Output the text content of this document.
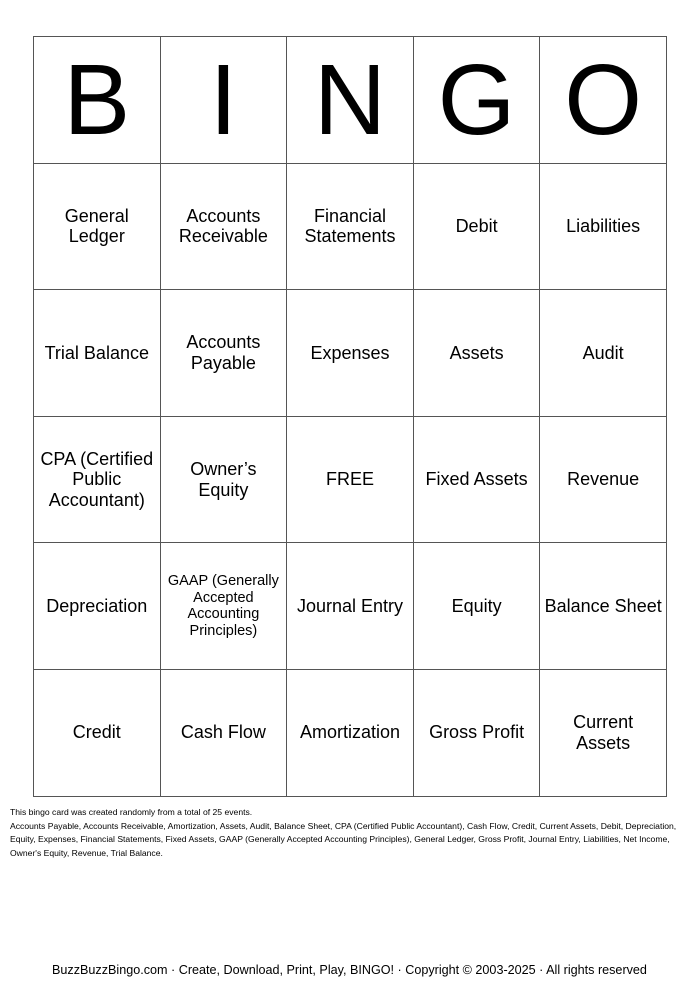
B	I	N	G	O
General Ledger	Accounts Receivable	Financial Statements	Debit	Liabilities
Trial Balance	Accounts Payable	Expenses	Assets	Audit
CPA (Certified Public Accountant)	Owner’s Equity	FREE	Fixed Assets	Revenue
Depreciation	GAAP (Generally Accepted Accounting Principles)	Journal Entry	Equity	Balance Sheet
Credit	Cash Flow	Amortization	Gross Profit	Current Assets
This bingo card was created randomly from a total of 25 events.
Accounts Payable, Accounts Receivable, Amortization, Assets, Audit, Balance Sheet, CPA (Certified Public Accountant), Cash Flow, Credit, Current Assets, Debit, Depreciation, Equity, Expenses, Financial Statements, Fixed Assets, GAAP (Generally Accepted Accounting Principles), General Ledger, Gross Profit, Journal Entry, Liabilities, Net Income, Owner's Equity, Revenue, Trial Balance.
BuzzBuzzBingo.com · Create, Download, Print, Play, BINGO! · Copyright © 2003-2025 · All rights reserved
